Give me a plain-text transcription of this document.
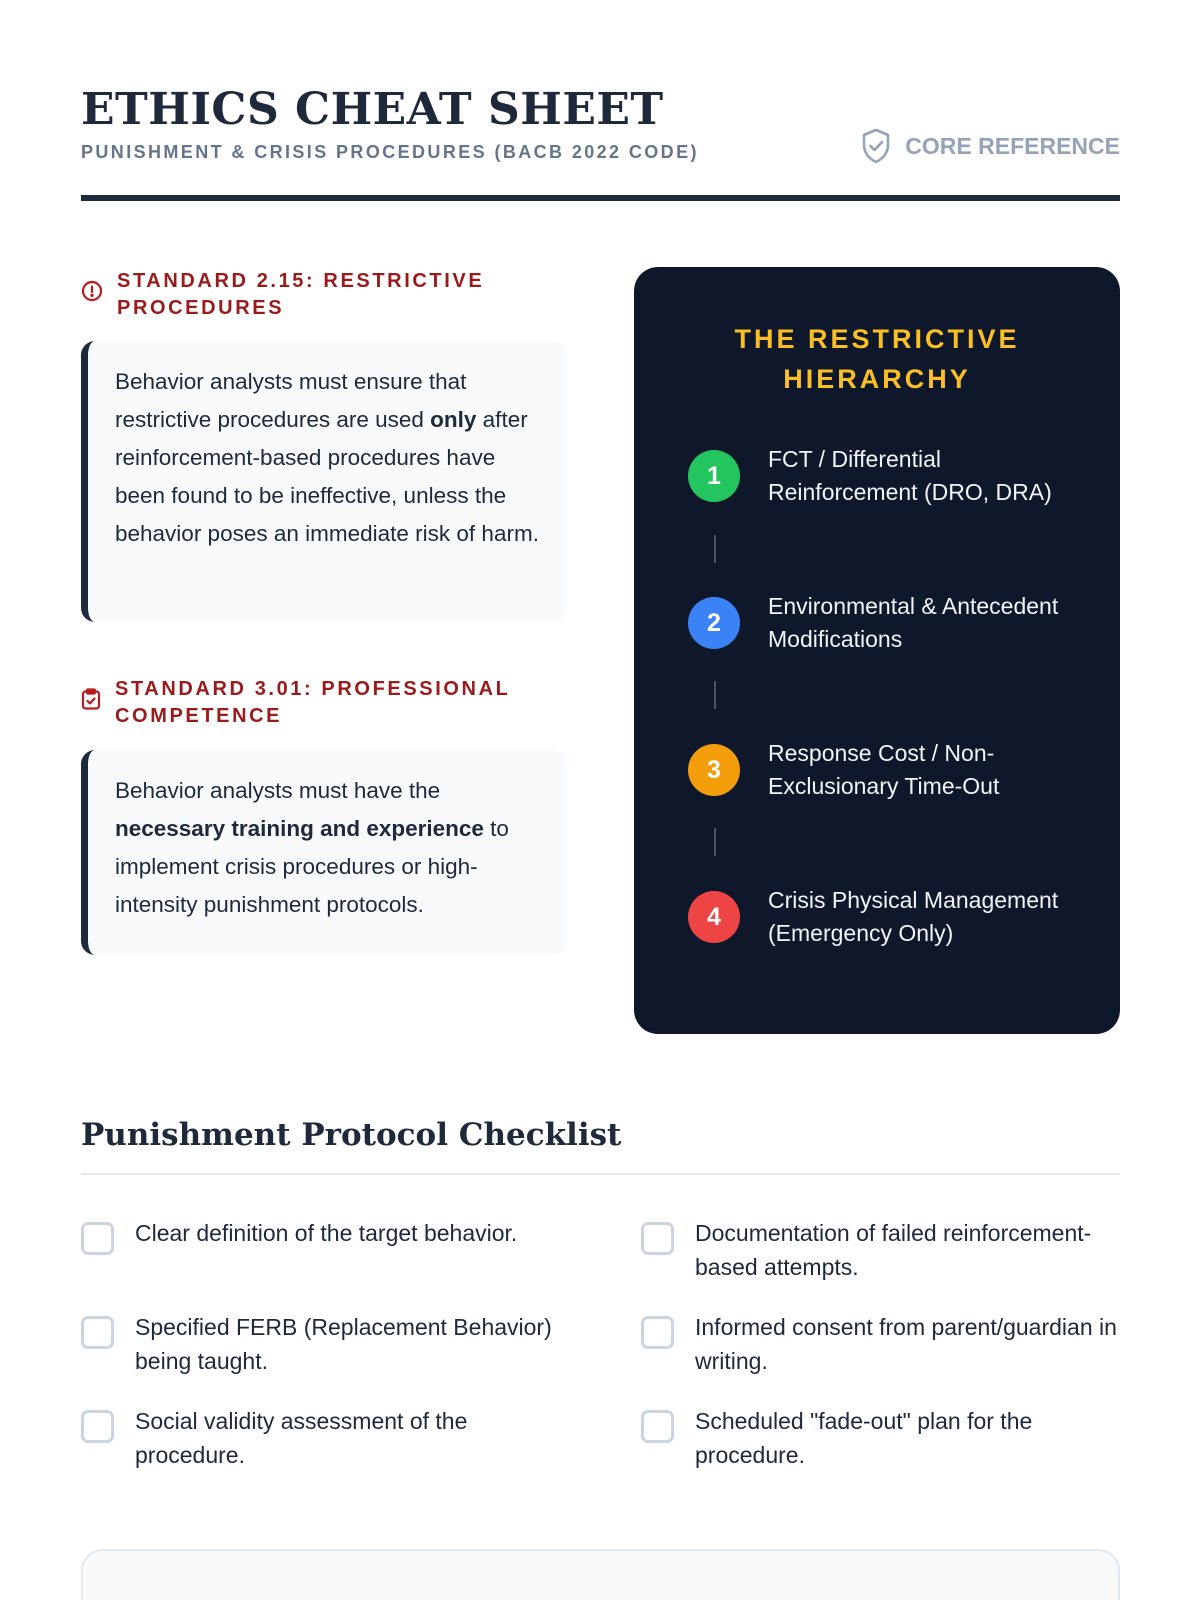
ETHICS CHEAT SHEET
PUNISHMENT & CRISIS PROCEDURES (BACB 2022 CODE)	CORE REFERENCE
STANDARD 2.15: RESTRICTIVE PROCEDURES
Behavior analysts must ensure that restrictive procedures are used only after reinforcement-based procedures have been found to be ineffective, unless the behavior poses an immediate risk of harm.
STANDARD 3.01: PROFESSIONAL COMPETENCE
Behavior analysts must have the necessary training and experience to implement crisis procedures or high-intensity punishment protocols.
THE RESTRICTIVE
HIERARCHY
1
FCT / Differential Reinforcement (DRO, DRA)
2
Environmental & Antecedent Modifications
3
Response Cost / Non-Exclusionary Time-Out
4
Crisis Physical Management (Emergency Only)
Punishment Protocol Checklist
Clear definition of the target behavior.	Documentation of failed reinforcement-based attempts.
Specified FERB (Replacement Behavior) being taught.
Informed consent from parent/guardian in writing.
Social validity assessment of the procedure.
Scheduled "fade-out" plan for the procedure.
